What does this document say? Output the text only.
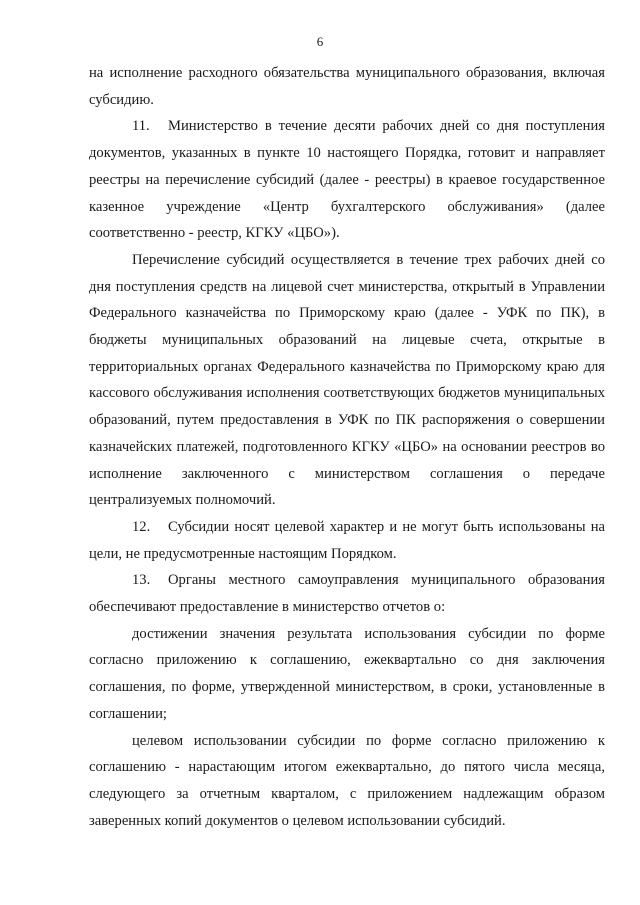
6

на исполнение расходного обязательства муниципального образования, включая субсидию.

11. Министерство в течение десяти рабочих дней со дня поступления документов, указанных в пункте 10 настоящего Порядка, готовит и направляет реестры на перечисление субсидий (далее - реестры) в краевое государственное казенное учреждение «Центр бухгалтерского обслуживания» (далее соответственно - реестр, КГКУ «ЦБО»).

Перечисление субсидий осуществляется в течение трех рабочих дней со дня поступления средств на лицевой счет министерства, открытый в Управлении Федерального казначейства по Приморскому краю (далее - УФК по ПК), в бюджеты муниципальных образований на лицевые счета, открытые в территориальных органах Федерального казначейства по Приморскому краю для кассового обслуживания исполнения соответствующих бюджетов муниципальных образований, путем предоставления в УФК по ПК распоряжения о совершении казначейских платежей, подготовленного КГКУ «ЦБО» на основании реестров во исполнение заключенного с министерством соглашения о передаче централизуемых полномочий.

12. Субсидии носят целевой характер и не могут быть использованы на цели, не предусмотренные настоящим Порядком.

13. Органы местного самоуправления муниципального образования обеспечивают предоставление в министерство отчетов о:

достижении значения результата использования субсидии по форме согласно приложению к соглашению, ежеквартально со дня заключения соглашения, по форме, утвержденной министерством, в сроки, установленные в соглашении;

целевом использовании субсидии по форме согласно приложению к соглашению - нарастающим итогом ежеквартально, до пятого числа месяца, следующего за отчетным кварталом, с приложением надлежащим образом заверенных копий документов о целевом использовании субсидий.
